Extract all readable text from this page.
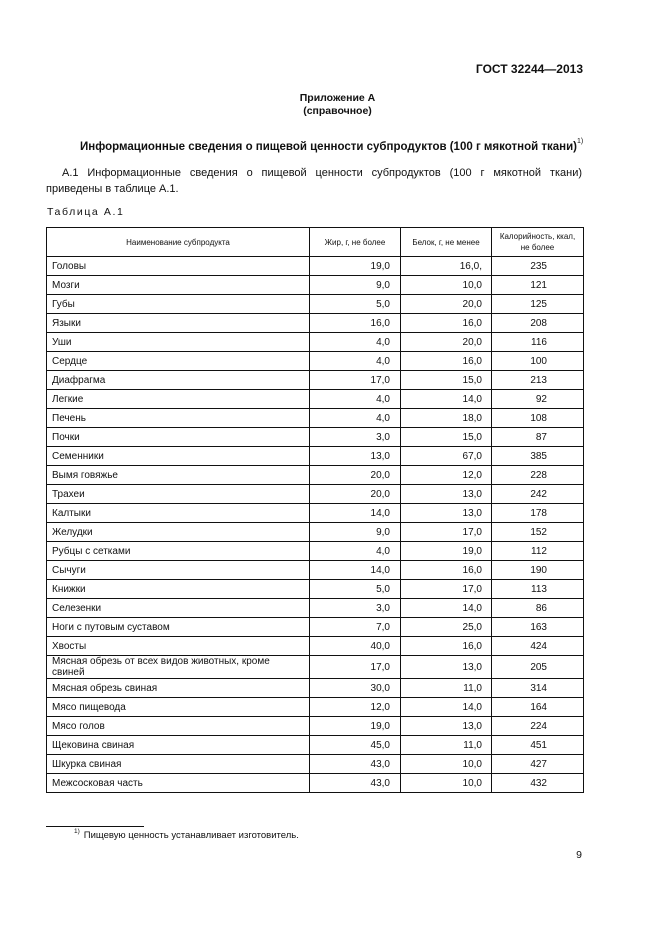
ГОСТ 32244—2013
Приложение А
(справочное)
Информационные сведения о пищевой ценности субпродуктов (100 г мякотной ткани)$^{1)}$
А.1 Информационные сведения о пищевой ценности субпродуктов (100 г мякотной ткани) приведены в таблице А.1.
Таблица А.1
Наименование субпродукта	Жир, г, не более	Белок, г, не менее	Калорийность, ккал, не более
Головы	19,0	16,0,	235
Мозги	9,0	10,0	121
Губы	5,0	20,0	125
Языки	16,0	16,0	208
Уши	4,0	20,0	116
Сердце	4,0	16,0	100
Диафрагма	17,0	15,0	213
Легкие	4,0	14,0	92
Печень	4,0	18,0	108
Почки	3,0	15,0	87
Семенники	13,0	67,0	385
Вымя говяжье	20,0	12,0	228
Трахеи	20,0	13,0	242
Калтыки	14,0	13,0	178
Желудки	9,0	17,0	152
Рубцы с сетками	4,0	19,0	112
Сычуги	14,0	16,0	190
Книжки	5,0	17,0	113
Селезенки	3,0	14,0	86
Ноги с путовым суставом	7,0	25,0	163
Хвосты	40,0	16,0	424
Мясная обрезь от всех видов животных, кроме свиней	17,0	13,0	205
Мясная обрезь свиная	30,0	11,0	314
Мясо пищевода	12,0	14,0	164
Мясо голов	19,0	13,0	224
Щековина свиная	45,0	11,0	451
Шкурка свиная	43,0	10,0	427
Межсосковая часть	43,0	10,0	432
$^{1)}$ Пищевую ценность устанавливает изготовитель.
9
